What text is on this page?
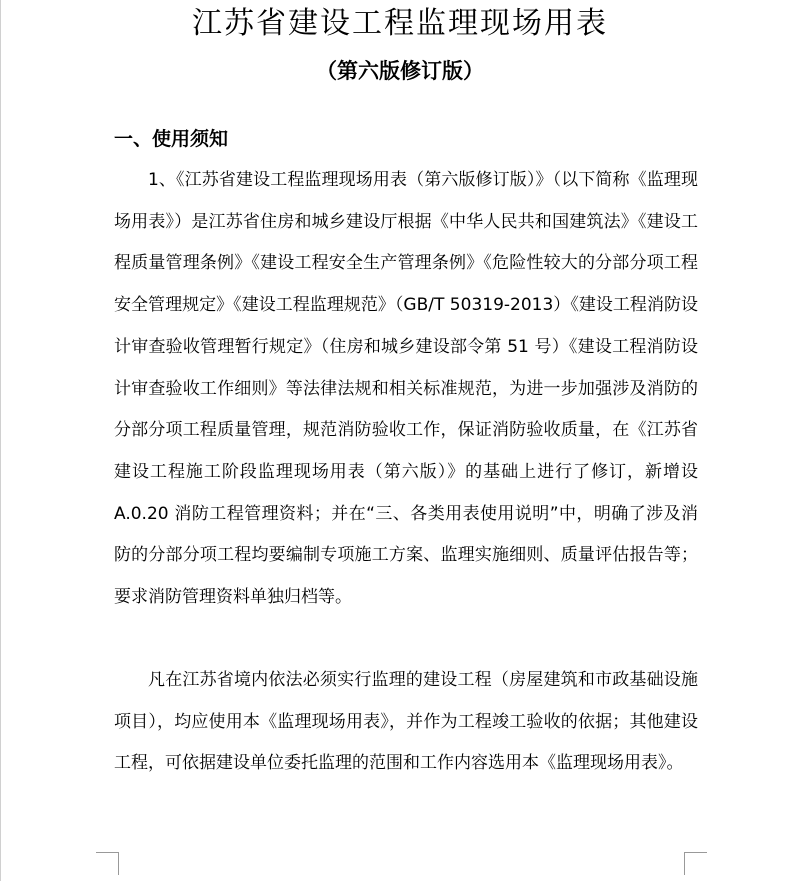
江苏省建设工程监理现场用表
（第六版修订版）
一、使用须知

1、《江苏省建设工程监理现场用表（第六版修订版）》（以下简称《监理现场用表》）是江苏省住房和城乡建设厅根据《中华人民共和国建筑法》《建设工程质量管理条例》《建设工程安全生产管理条例》《危险性较大的分部分项工程安全管理规定》《建设工程监理规范》（GB/T 50319-2013）《建设工程消防设计审查验收管理暂行规定》（住房和城乡建设部令第 51 号）《建设工程消防设计审查验收工作细则》等法律法规和相关标准规范，为进一步加强涉及消防的分部分项工程质量管理，规范消防验收工作，保证消防验收质量，在《江苏省建设工程施工阶段监理现场用表（第六版）》的基础上进行了修订，新增设 A.0.20 消防工程管理资料；并在“三、各类用表使用说明”中，明确了涉及消防的分部分项工程均要编制专项施工方案、监理实施细则、质量评估报告等；要求消防管理资料单独归档等。

凡在江苏省境内依法必须实行监理的建设工程（房屋建筑和市政基础设施项目），均应使用本《监理现场用表》，并作为工程竣工验收的依据；其他建设工程，可依据建设单位委托监理的范围和工作内容选用本《监理现场用表》。
